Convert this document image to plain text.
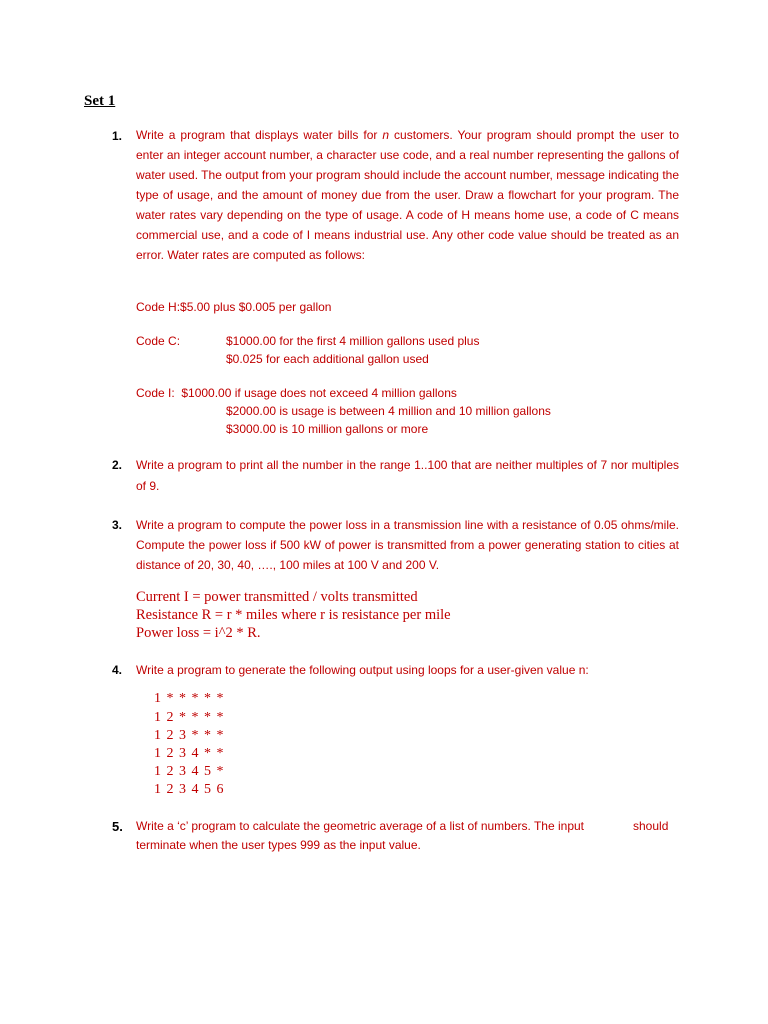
Set 1
1. Write a program that displays water bills for n customers. Your program should prompt the user to enter an integer account number, a character use code, and a real number representing the gallons of water used. The output from your program should include the account number, message indicating the type of usage, and the amount of money due from the user. Draw a flowchart for your program. The water rates vary depending on the type of usage. A code of H means home use, a code of C means commercial use, and a code of I means industrial use. Any other code value should be treated as an error. Water rates are computed as follows:

Code H:$5.00 plus $0.005 per gallon
Code C:	$1000.00 for the first 4 million gallons used plus
$0.025 for each additional gallon used
Code I:  $1000.00 if usage does not exceed 4 million gallons
$2000.00 is usage is between 4 million and 10 million gallons
$3000.00 is 10 million gallons or more
2. Write a program to print all the number in the range 1..100 that are neither multiples of 7 nor multiples of 9.

3. Write a program to compute the power loss in a transmission line with a resistance of 0.05 ohms/mile. Compute the power loss if 500 kW of power is transmitted from a power generating station to cities at distance of 20, 30, 40, …., 100 miles at 100 V and 200 V.

Current I = power transmitted / volts transmitted
Resistance R = r * miles where r is resistance per mile
Power loss = i^2 * R.
4. Write a program to generate the following output using loops for a user-given value n:
1 * * * * *
1 2 * * * *
1 2 3 * * *
1 2 3 4 * *
1 2 3 4 5 *
1 2 3 4 5 6
5. Write a ‘c’ program to calculate the geometric average of a list of numbers. The input	should
terminate when the user types 999 as the input value.
